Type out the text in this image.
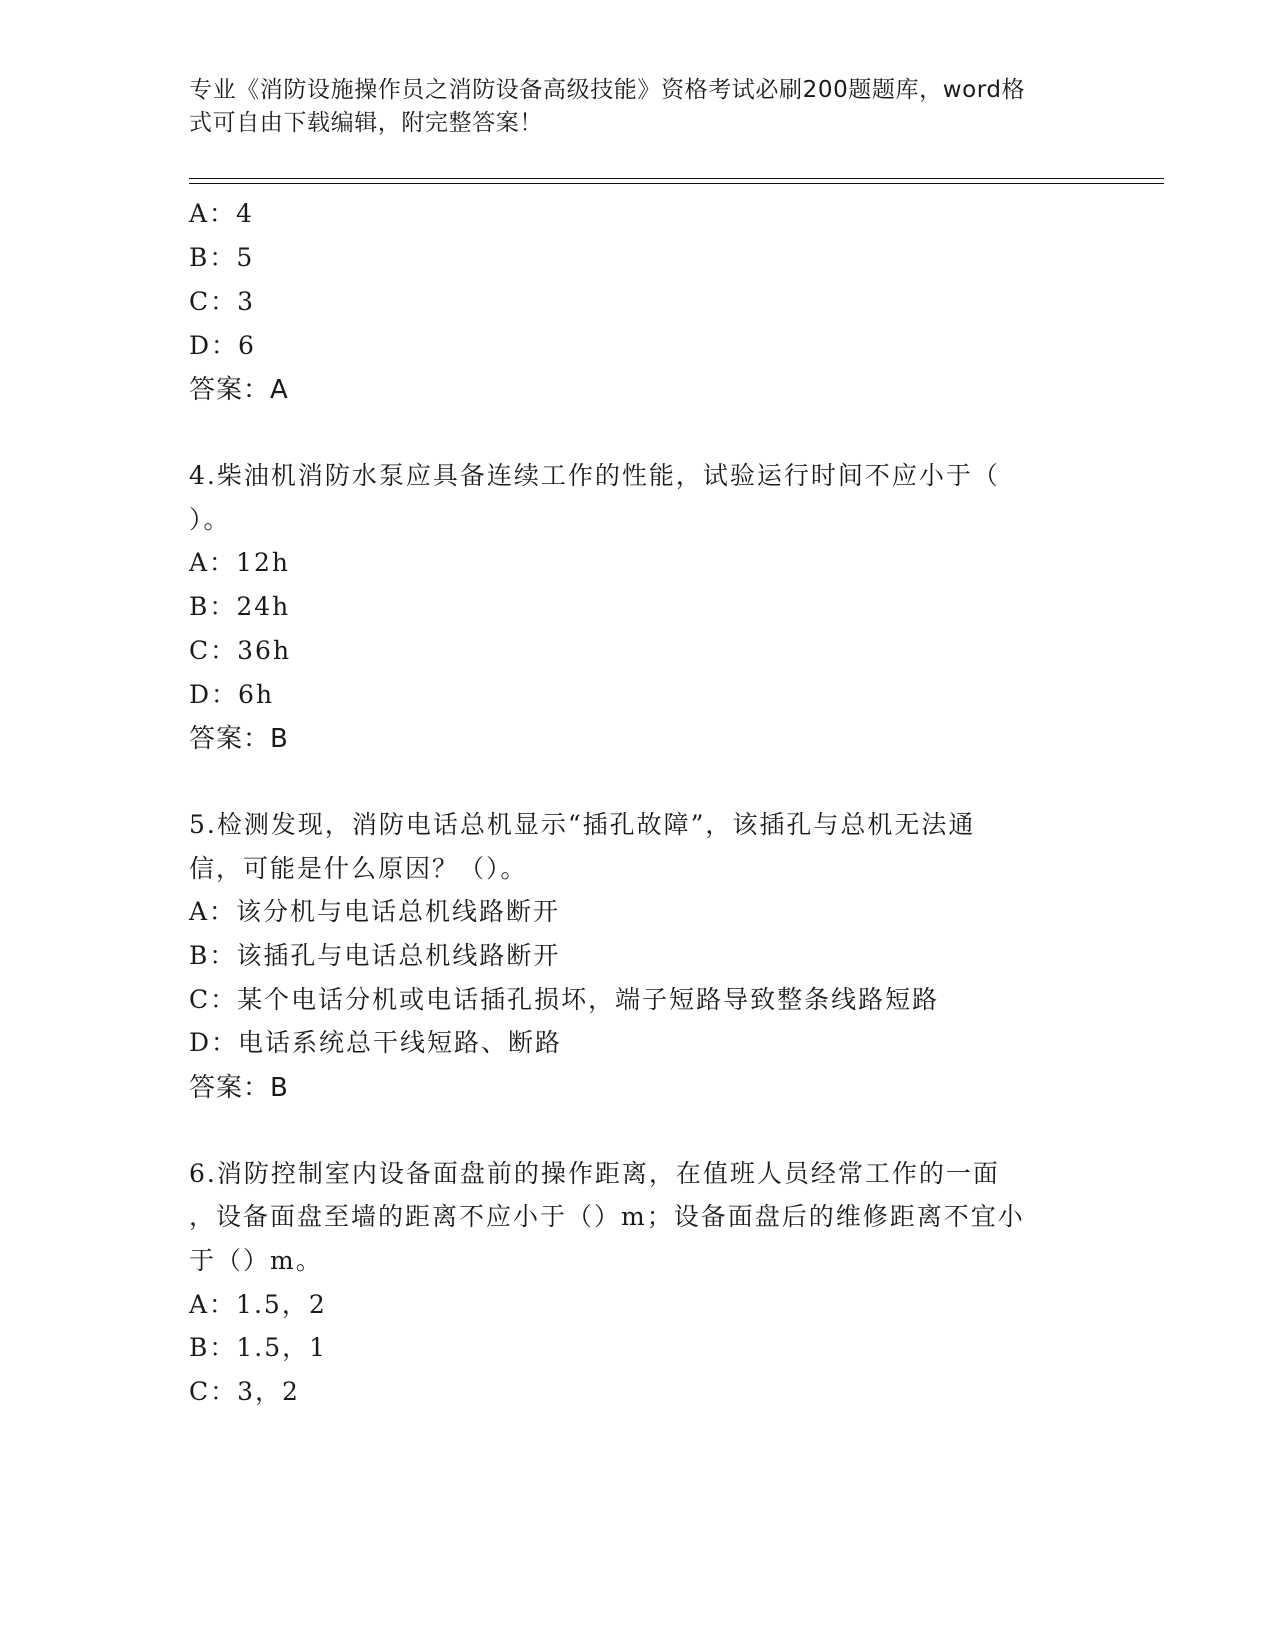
专业《消防设施操作员之消防设备高级技能》资格考试必刷200题题库，word格
式可自由下载编辑，附完整答案！
A：4
B：5
C：3
D：6
答案：A
4.柴油机消防水泵应具备连续工作的性能，试验运行时间不应小于（
）。
A：12h
B：24h
C：36h
D：6h
答案：B
5.检测发现，消防电话总机显示“插孔故障”，该插孔与总机无法通
信，可能是什么原因？（）。
A：该分机与电话总机线路断开
B：该插孔与电话总机线路断开
C：某个电话分机或电话插孔损坏，端子短路导致整条线路短路
D：电话系统总干线短路、断路
答案：B
6.消防控制室内设备面盘前的操作距离，在值班人员经常工作的一面
，设备面盘至墙的距离不应小于（）m；设备面盘后的维修距离不宜小
于（）m。
A：1.5，2
B：1.5，1
C：3，2
